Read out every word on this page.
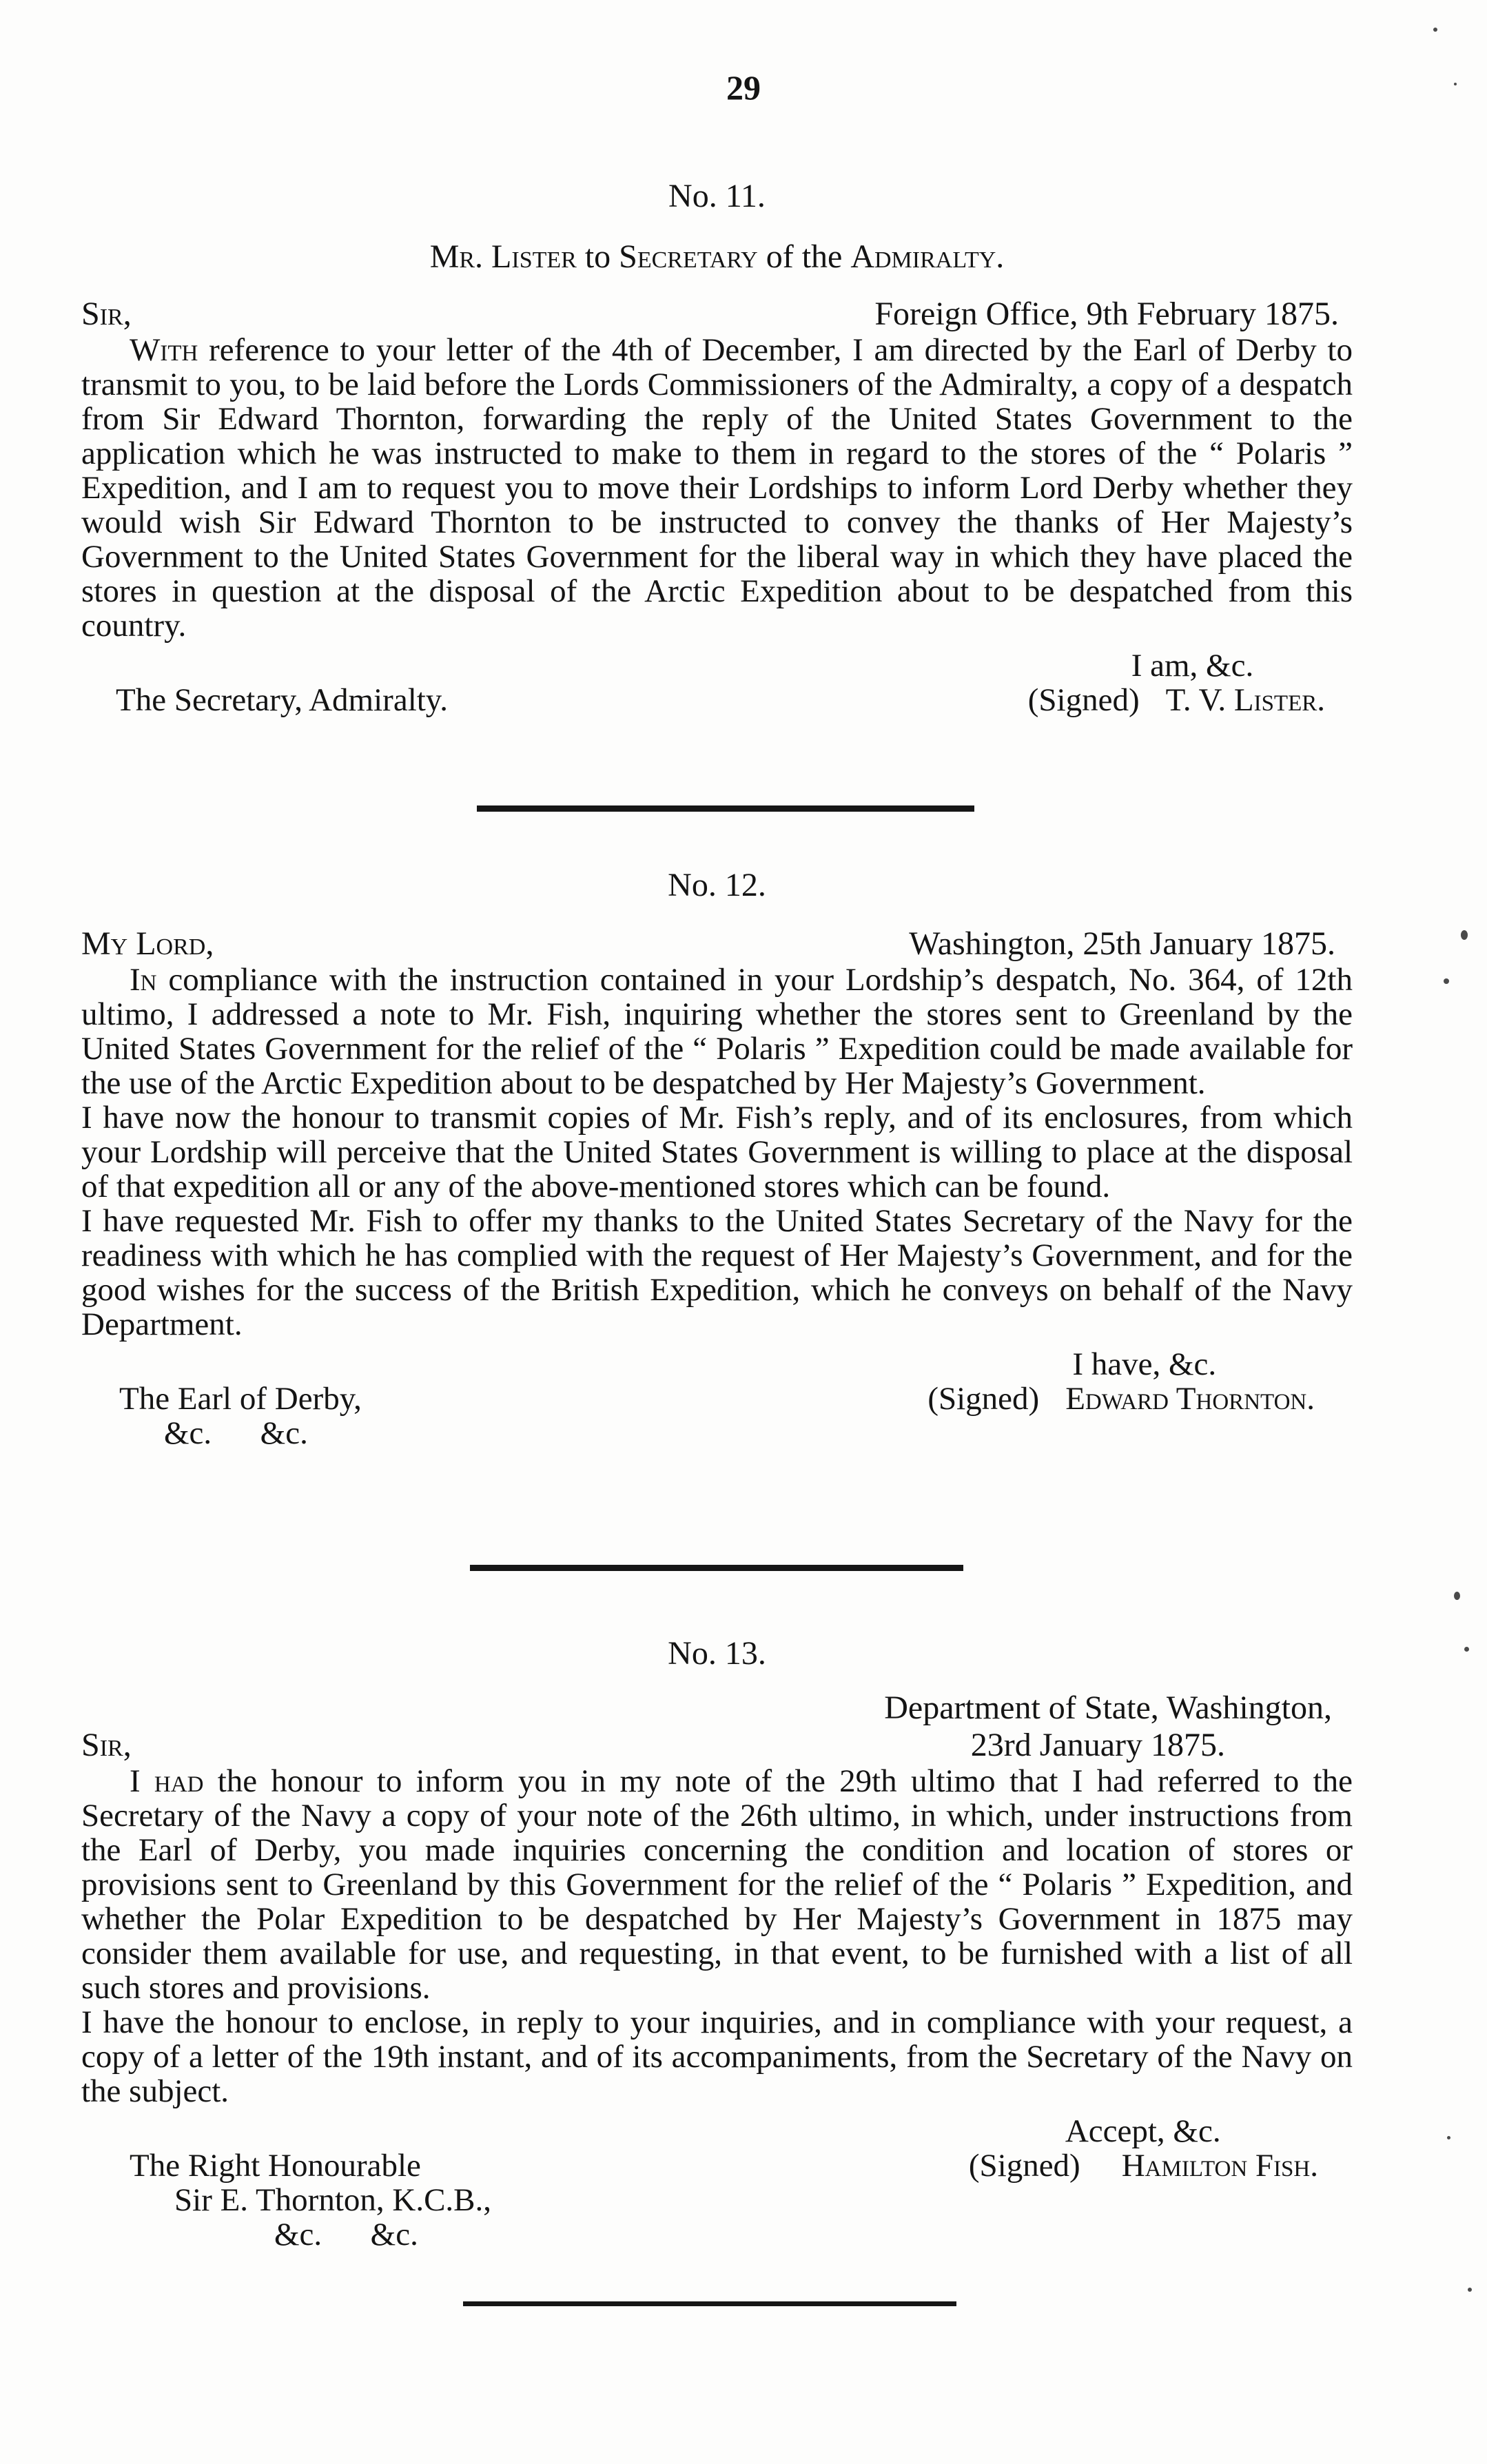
29
No. 11.
Mr. Lister to Secretary of the Admiralty.
Sir,	Foreign Office, 9th February 1875.

With reference to your letter of the 4th of December, I am directed by the Earl of Derby to transmit to you, to be laid before the Lords Commissioners of the Admiralty, a copy of a despatch from Sir Edward Thornton, forwarding the reply of the United States Government to the application which he was instructed to make to them in regard to the stores of the “ Polaris ” Expedition, and I am to request you to move their Lordships to inform Lord Derby whether they would wish Sir Edward Thornton to be instructed to convey the thanks of Her Majesty’s Government to the United States Government for the liberal way in which they have placed the stores in question at the disposal of the Arctic Expedition about to be despatched from this country.

The Secretary, Admiralty.
I am, &c.
(Signed) T. V. Lister.
No. 12.
My Lord,	Washington, 25th January 1875.

In compliance with the instruction contained in your Lordship’s despatch, No. 364, of 12th ultimo, I addressed a note to Mr. Fish, inquiring whether the stores sent to Greenland by the United States Government for the relief of the “ Polaris ” Expedition could be made available for the use of the Arctic Expedition about to be despatched by Her Majesty’s Government.

I have now the honour to transmit copies of Mr. Fish’s reply, and of its enclosures, from which your Lordship will perceive that the United States Government is willing to place at the disposal of that expedition all or any of the above-mentioned stores which can be found.

I have requested Mr. Fish to offer my thanks to the United States Secretary of the Navy for the readiness with which he has complied with the request of Her Majesty’s Government, and for the good wishes for the success of the British Expedition, which he conveys on behalf of the Navy Department.

The Earl of Derby,
&c.      &c.
I have, &c.
(Signed) Edward Thornton.
No. 13.
Department of State, Washington,
Sir,	23rd January 1875.

I had the honour to inform you in my note of the 29th ultimo that I had referred to the Secretary of the Navy a copy of your note of the 26th ultimo, in which, under instructions from the Earl of Derby, you made inquiries concerning the condition and location of stores or provisions sent to Greenland by this Government for the relief of the “ Polaris ” Expedition, and whether the Polar Expedition to be despatched by Her Majesty’s Government in 1875 may consider them available for use, and requesting, in that event, to be furnished with a list of all such stores and provisions.

I have the honour to enclose, in reply to your inquiries, and in compliance with your request, a copy of a letter of the 19th instant, and of its accompaniments, from the Secretary of the Navy on the subject.

The Right Honourable
Sir E. Thornton, K.C.B.,
&c.      &c.
Accept, &c.
(Signed) Hamilton Fish.
